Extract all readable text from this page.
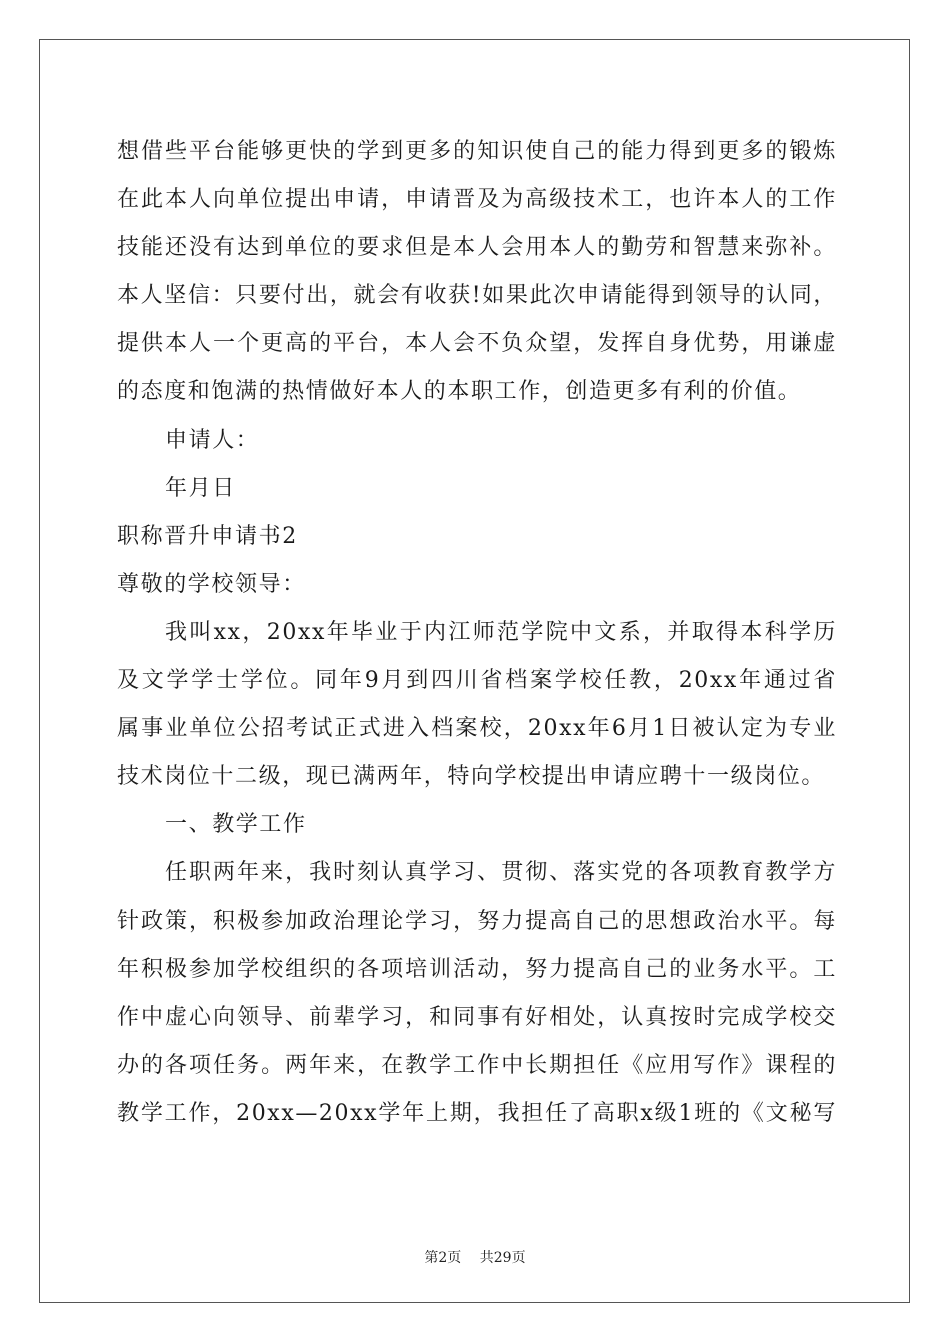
想借些平台能够更快的学到更多的知识使自己的能力得到更多的锻炼
在此本人向单位提出申请，申请晋及为高级技术工，也许本人的工作
技能还没有达到单位的要求但是本人会用本人的勤劳和智慧来弥补。
本人坚信：只要付出，就会有收获!如果此次申请能得到领导的认同，
提供本人一个更高的平台，本人会不负众望，发挥自身优势，用谦虚
的态度和饱满的热情做好本人的本职工作，创造更多有利的价值。
申请人：
年月日
职称晋升申请书2
尊敬的学校领导：
我叫xx，20xx年毕业于内江师范学院中文系，并取得本科学历
及文学学士学位。同年9月到四川省档案学校任教，20xx年通过省
属事业单位公招考试正式进入档案校，20xx年6月1日被认定为专业
技术岗位十二级，现已满两年，特向学校提出申请应聘十一级岗位。
一、教学工作
任职两年来，我时刻认真学习、贯彻、落实党的各项教育教学方
针政策，积极参加政治理论学习，努力提高自己的思想政治水平。每
年积极参加学校组织的各项培训活动，努力提高自己的业务水平。工
作中虚心向领导、前辈学习，和同事有好相处，认真按时完成学校交
办的各项任务。两年来，在教学工作中长期担任《应用写作》课程的
教学工作，20xx—20xx学年上期，我担任了高职x级1班的《文秘写
第2页 共29页
